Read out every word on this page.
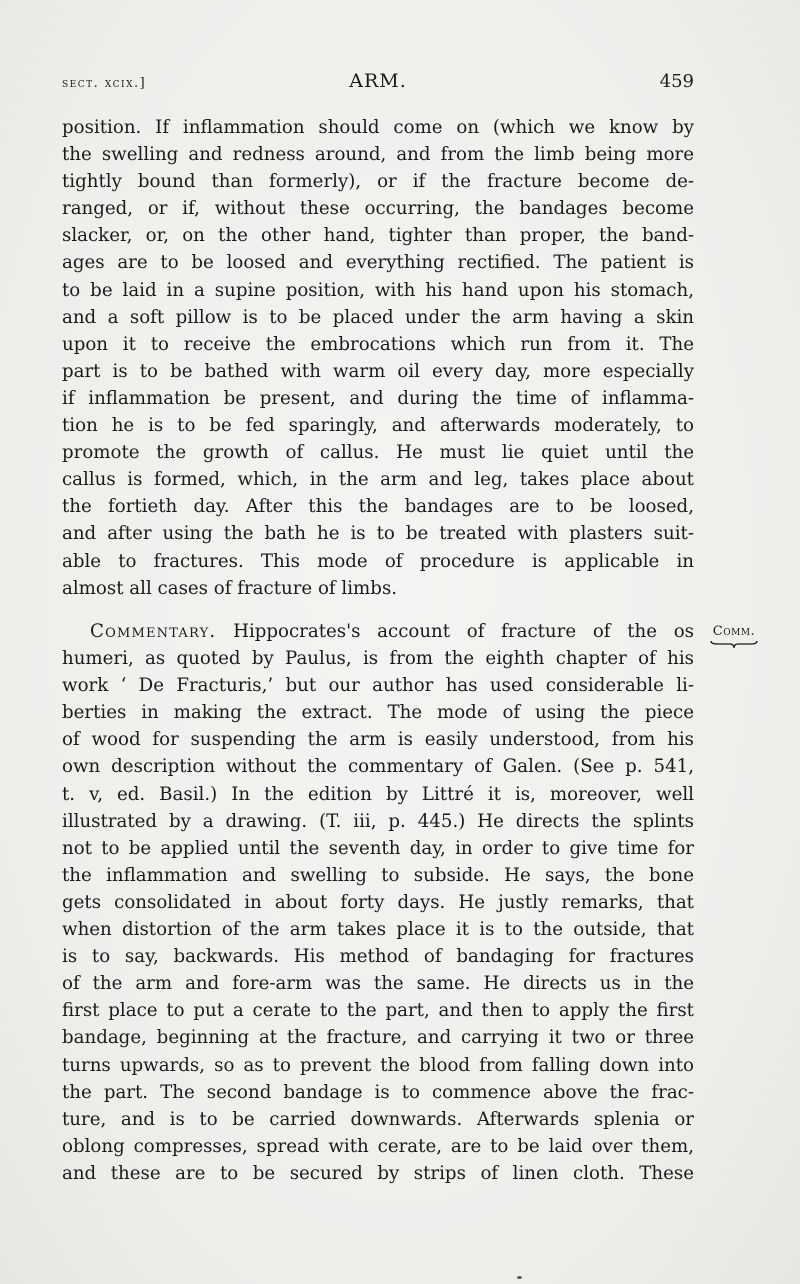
sect. xcix.]	ARM.	459
position. If inflammation should come on (which we know by
the swelling and redness around, and from the limb being more
tightly bound than formerly), or if the fracture become de-
ranged, or if, without these occurring, the bandages become
slacker, or, on the other hand, tighter than proper, the band-
ages are to be loosed and everything rectified. The patient is
to be laid in a supine position, with his hand upon his stomach,
and a soft pillow is to be placed under the arm having a skin
upon it to receive the embrocations which run from it. The
part is to be bathed with warm oil every day, more especially
if inflammation be present, and during the time of inflamma-
tion he is to be fed sparingly, and afterwards moderately, to
promote the growth of callus. He must lie quiet until the
callus is formed, which, in the arm and leg, takes place about
the fortieth day. After this the bandages are to be loosed,
and after using the bath he is to be treated with plasters suit-
able to fractures. This mode of procedure is applicable in
almost all cases of fracture of limbs.
Commentary. Hippocrates's account of fracture of the os
humeri, as quoted by Paulus, is from the eighth chapter of his
work ‘ De Fracturis,’ but our author has used considerable li-
berties in making the extract. The mode of using the piece
of wood for suspending the arm is easily understood, from his
own description without the commentary of Galen. (See p. 541,
t. v, ed. Basil.) In the edition by Littré it is, moreover, well
illustrated by a drawing. (T. iii, p. 445.) He directs the splints
not to be applied until the seventh day, in order to give time for
the inflammation and swelling to subside. He says, the bone
gets consolidated in about forty days. He justly remarks, that
when distortion of the arm takes place it is to the outside, that
is to say, backwards. His method of bandaging for fractures
of the arm and fore-arm was the same. He directs us in the
first place to put a cerate to the part, and then to apply the first
bandage, beginning at the fracture, and carrying it two or three
turns upwards, so as to prevent the blood from falling down into
the part. The second bandage is to commence above the frac-
ture, and is to be carried downwards. Afterwards splenia or
oblong compresses, spread with cerate, are to be laid over them,
and these are to be secured by strips of linen cloth. These
Comm.
